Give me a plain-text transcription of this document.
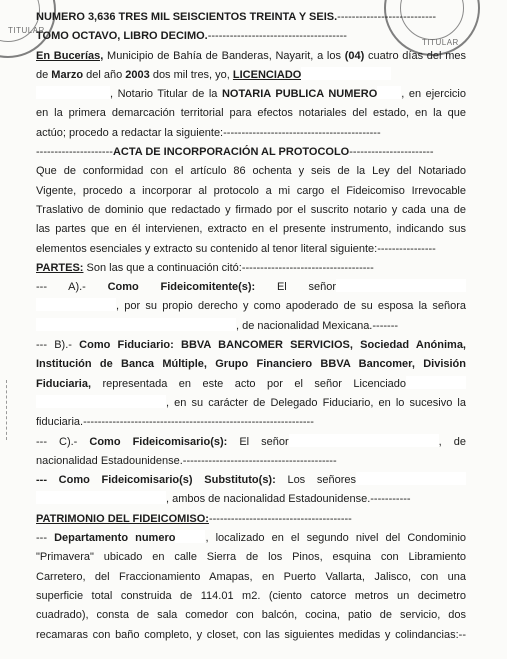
TITULAR
TITULAR
NUMERO 3,636 TRES MIL SEISCIENTOS TREINTA Y SEIS.---------------------------
TOMO OCTAVO, LIBRO DECIMO.--------------------------------------
En Bucerías, Municipio de Bahía de Banderas, Nayarit, a los (04) cuatro días del mes
de Marzo del año 2003 dos mil tres, yo, LICENCIADO
, Notario Titular de la NOTARIA PUBLICA NUMERO , en ejercicio
en la primera demarcación territorial para efectos notariales del estado, en la que
actúo; procedo a redactar la siguiente:-------------------------------------------
---------------------ACTA DE INCORPORACIÓN AL PROTOCOLO-----------------------
Que de conformidad con el artículo 86 ochenta y seis de la Ley del Notariado
Vigente, procedo a incorporar al protocolo a mi cargo el Fideicomiso Irrevocable
Traslativo de dominio que redactado y firmado por el suscrito notario y cada una de
las partes que en él intervienen, extracto en el presente instrumento, indicando sus
elementos esenciales y extracto su contenido al tenor literal siguiente:----------------
PARTES: Son las que a continuación citó:------------------------------------
--- A).- Como Fideicomitente(s): El señor
, por su propio derecho y como apoderado de su esposa la señora
, de nacionalidad Mexicana.-------
--- B).- Como Fiduciario: BBVA BANCOMER SERVICIOS, Sociedad Anónima,
Institución de Banca Múltiple, Grupo Financiero BBVA Bancomer, División
Fiduciaria, representada en este acto por el señor Licenciado
, en su carácter de Delegado Fiduciario, en lo sucesivo la
fiduciaria.---------------------------------------------------------------
--- C).- Como Fideicomisario(s): El señor	, de
nacionalidad Estadounidense.------------------------------------------
--- Como Fideicomisario(s) Substituto(s): Los señores
, ambos de nacionalidad Estadounidense.-----------
PATRIMONIO DEL FIDEICOMISO:---------------------------------------
--- Departamento numero	, localizado en el segundo nivel del Condominio
"Primavera" ubicado en calle Sierra de los Pinos, esquina con Libramiento
Carretero, del Fraccionamiento Amapas, en Puerto Vallarta, Jalisco, con una
superficie total construida de 114.01 m2. (ciento catorce metros un decimetro
cuadrado), consta de sala comedor con balcón, cocina, patio de servicio, dos
recamaras con baño completo, y closet, con las siguientes medidas y colindancias:--
